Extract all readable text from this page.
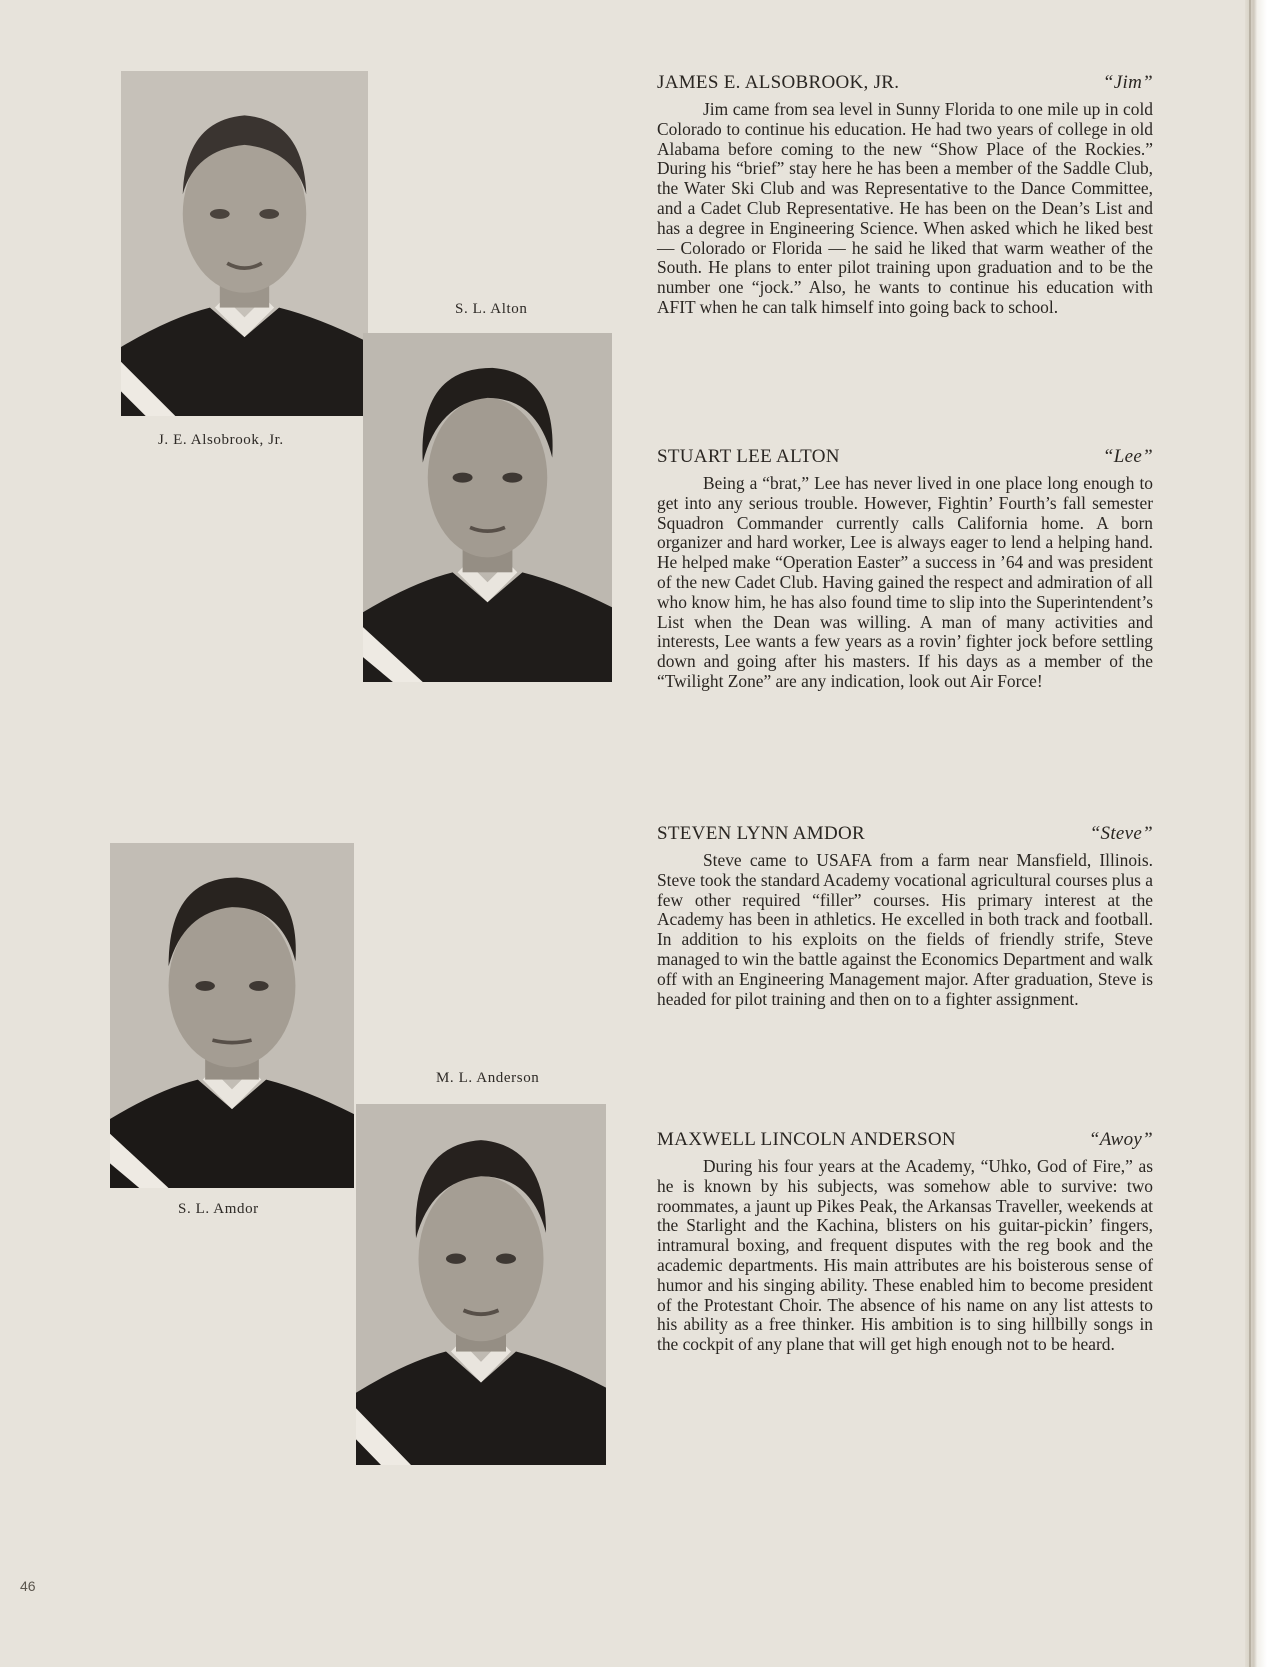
J. E. Alsobrook, Jr.
S. L. Alton
S. L. Amdor
M. L. Anderson
JAMES E. ALSOBROOK, JR.	“Jim”

Jim came from sea level in Sunny Florida to one mile up in cold Colorado to continue his education. He had two years of college in old Alabama before coming to the new “Show Place of the Rockies.” During his “brief” stay here he has been a member of the Saddle Club, the Water Ski Club and was Representative to the Dance Committee, and a Cadet Club Representative. He has been on the Dean’s List and has a degree in Engineering Science. When asked which he liked best — Colorado or Florida — he said he liked that warm weather of the South. He plans to enter pilot training upon graduation and to be the number one “jock.” Also, he wants to continue his education with AFIT when he can talk himself into going back to school.

STUART LEE ALTON	“Lee”

Being a “brat,” Lee has never lived in one place long enough to get into any serious trouble. However, Fightin’ Fourth’s fall semester Squadron Commander currently calls California home. A born organizer and hard worker, Lee is always eager to lend a helping hand. He helped make “Operation Easter” a success in ’64 and was president of the new Cadet Club. Having gained the respect and admiration of all who know him, he has also found time to slip into the Superintendent’s List when the Dean was willing. A man of many activities and interests, Lee wants a few years as a rovin’ fighter jock before settling down and going after his masters. If his days as a member of the “Twilight Zone” are any indication, look out Air Force!

STEVEN LYNN AMDOR	“Steve”

Steve came to USAFA from a farm near Mansfield, Illinois. Steve took the standard Academy vocational agricultural courses plus a few other required “filler” courses. His primary interest at the Academy has been in athletics. He excelled in both track and football. In addition to his exploits on the fields of friendly strife, Steve managed to win the battle against the Economics Department and walk off with an Engineering Management major. After graduation, Steve is headed for pilot training and then on to a fighter assignment.

MAXWELL LINCOLN ANDERSON	“Awoy”

During his four years at the Academy, “Uhko, God of Fire,” as he is known by his subjects, was somehow able to survive: two roommates, a jaunt up Pikes Peak, the Arkansas Traveller, weekends at the Starlight and the Kachina, blisters on his guitar-pickin’ fingers, intramural boxing, and frequent disputes with the reg book and the academic departments. His main attributes are his boisterous sense of humor and his singing ability. These enabled him to become president of the Protestant Choir. The absence of his name on any list attests to his ability as a free thinker. His ambition is to sing hillbilly songs in the cockpit of any plane that will get high enough not to be heard.

46
